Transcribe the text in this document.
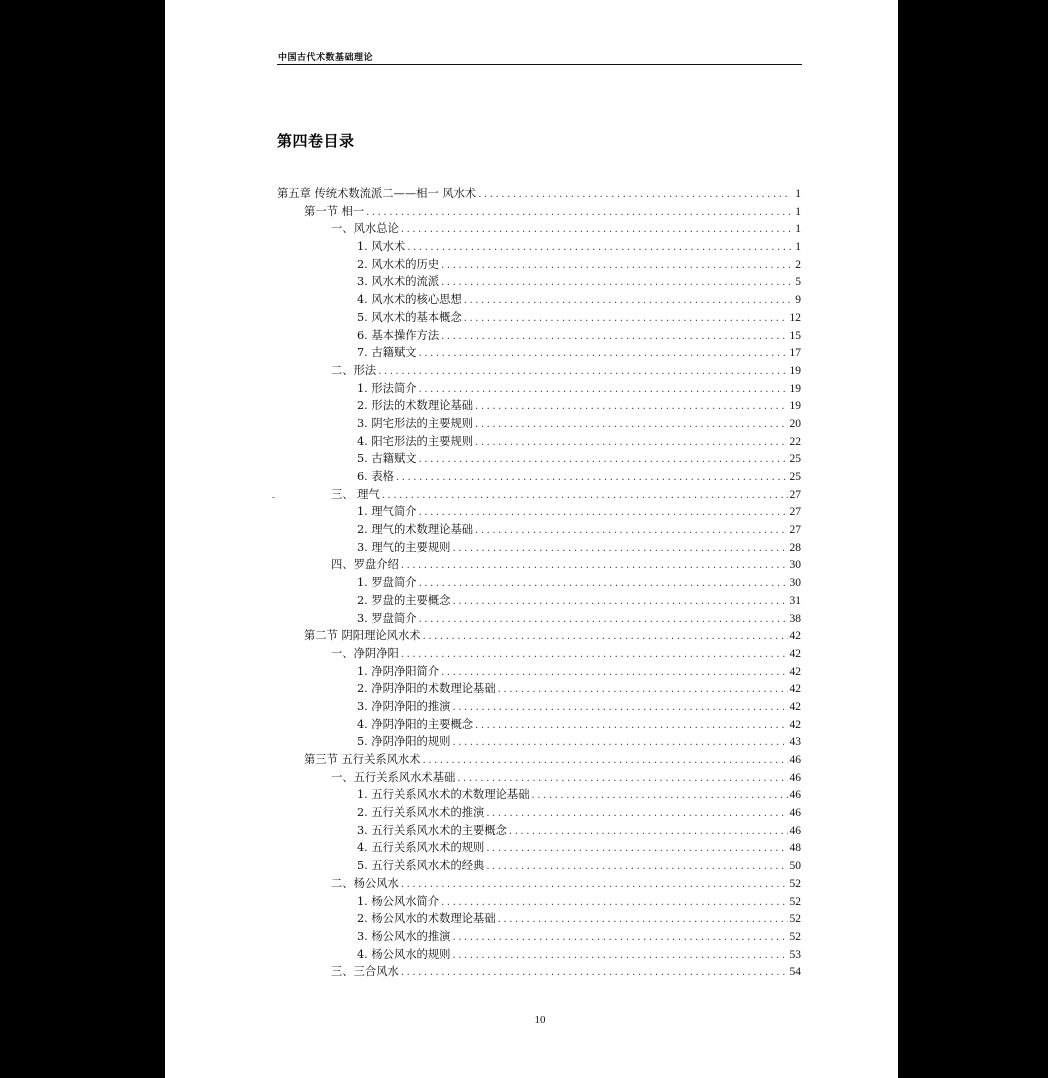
中国古代术数基础理论
第四卷目录
第五章 传统术数流派二——相一 风水术 .....	1
第一节 相一 .....	1
一、风水总论 .....	1
1. 风水术 .....	1
2. 风水术的历史 .....	2
3. 风水术的流派 .....	5
4. 风水术的核心思想 .....	9
5. 风水术的基本概念 .....	12
6. 基本操作方法 .....	15
7. 古籍赋文 .....	17
二、形法 .....	19
1. 形法简介 .....	19
2. 形法的术数理论基础 .....	19
3. 阴宅形法的主要规则 .....	20
4. 阳宅形法的主要规则 .....	22
5. 古籍赋文 .....	25
6. 表格 .....	25
三、 理气 .....	27
1. 理气简介 .....	27
2. 理气的术数理论基础 .....	27
3. 理气的主要规则 .....	28
四、罗盘介绍 .....	30
1. 罗盘简介 .....	30
2. 罗盘的主要概念 .....	31
3. 罗盘简介 .....	38
第二节 阴阳理论风水术 .....	42
一、净阴净阳 .....	42
1. 净阴净阳简介 .....	42
2. 净阴净阳的术数理论基础 .....	42
3. 净阴净阳的推演 .....	42
4. 净阴净阳的主要概念 .....	42
5. 净阴净阳的规则 .....	43
第三节 五行关系风水术 .....	46
一、五行关系风水术基础 .....	46
1. 五行关系风水术的术数理论基础 .....	46
2. 五行关系风水术的推演 .....	46
3. 五行关系风水术的主要概念 .....	46
4. 五行关系风水术的规则 .....	48
5. 五行关系风水术的经典 .....	50
二、杨公风水 .....	52
1. 杨公风水简介 .....	52
2. 杨公风水的术数理论基础 .....	52
3. 杨公风水的推演 .....	52
4. 杨公风水的规则 .....	53
三、三合风水 .....	54
10
